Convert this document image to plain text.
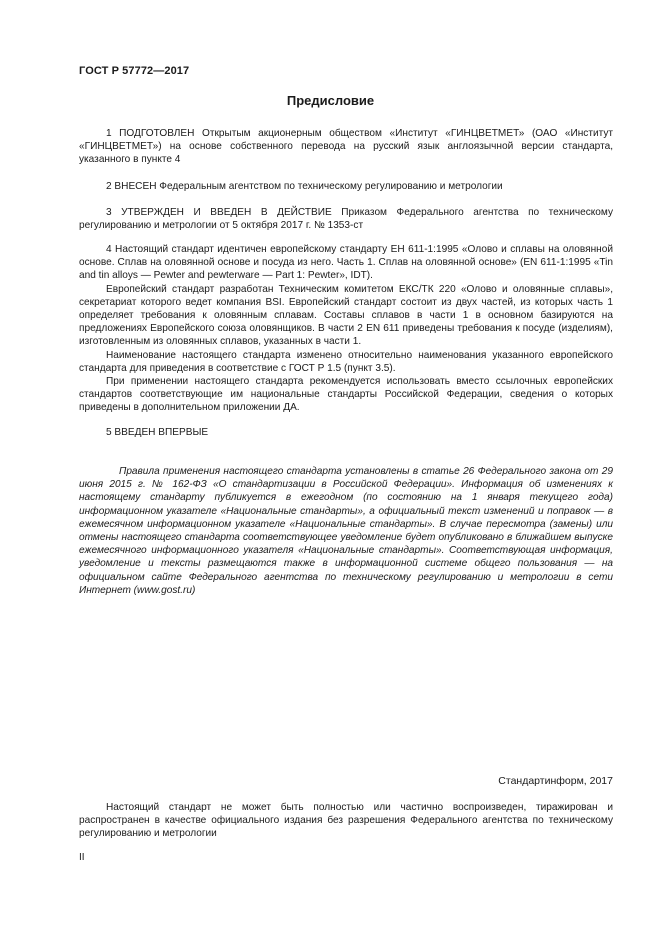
ГОСТ Р 57772—2017
Предисловие

1 ПОДГОТОВЛЕН Открытым акционерным обществом «Институт «ГИНЦВЕТМЕТ» (ОАО «Институт «ГИНЦВЕТМЕТ») на основе собственного перевода на русский язык англоязычной версии стандарта, указанного в пункте 4

2 ВНЕСЕН Федеральным агентством по техническому регулированию и метрологии

3 УТВЕРЖДЕН И ВВЕДЕН В ДЕЙСТВИЕ Приказом Федерального агентства по техническому регулированию и метрологии от 5 октября 2017 г. № 1353-ст

4 Настоящий стандарт идентичен европейскому стандарту ЕН 611-1:1995 «Олово и сплавы на оловянной основе. Сплав на оловянной основе и посуда из него. Часть 1. Сплав на оловянной основе» (EN 611-1:1995 «Tin and tin alloys — Pewter and pewterware — Part 1: Pewter», IDT).

Европейский стандарт разработан Техническим комитетом ЕКС/ТК 220 «Олово и оловянные сплавы», секретариат которого ведет компания BSI. Европейский стандарт состоит из двух частей, из которых часть 1 определяет требования к оловянным сплавам. Составы сплавов в части 1 в основном базируются на предложениях Европейского союза оловянщиков. В части 2 EN 611 приведены требования к посуде (изделиям), изготовленным из оловянных сплавов, указанных в части 1.

Наименование настоящего стандарта изменено относительно наименования указанного европейского стандарта для приведения в соответствие с ГОСТ Р 1.5 (пункт 3.5).

При применении настоящего стандарта рекомендуется использовать вместо ссылочных европейских стандартов соответствующие им национальные стандарты Российской Федерации, сведения о которых приведены в дополнительном приложении ДА.

5 ВВЕДЕН ВПЕРВЫЕ

Правила применения настоящего стандарта установлены в статье 26 Федерального закона от 29 июня 2015 г. № 162-ФЗ «О стандартизации в Российской Федерации». Информация об изменениях к настоящему стандарту публикуется в ежегодном (по состоянию на 1 января текущего года) информационном указателе «Национальные стандарты», а официальный текст изменений и поправок — в ежемесячном информационном указателе «Национальные стандарты». В случае пересмотра (замены) или отмены настоящего стандарта соответствующее уведомление будет опубликовано в ближайшем выпуске ежемесячного информационного указателя «Национальные стандарты». Соответствующая информация, уведомление и тексты размещаются также в информационной системе общего пользования — на официальном сайте Федерального агентства по техническому регулированию и метрологии в сети Интернет (www.gost.ru)

Стандартинформ, 2017

Настоящий стандарт не может быть полностью или частично воспроизведен, тиражирован и распространен в качестве официального издания без разрешения Федерального агентства по техническому регулированию и метрологии

II
